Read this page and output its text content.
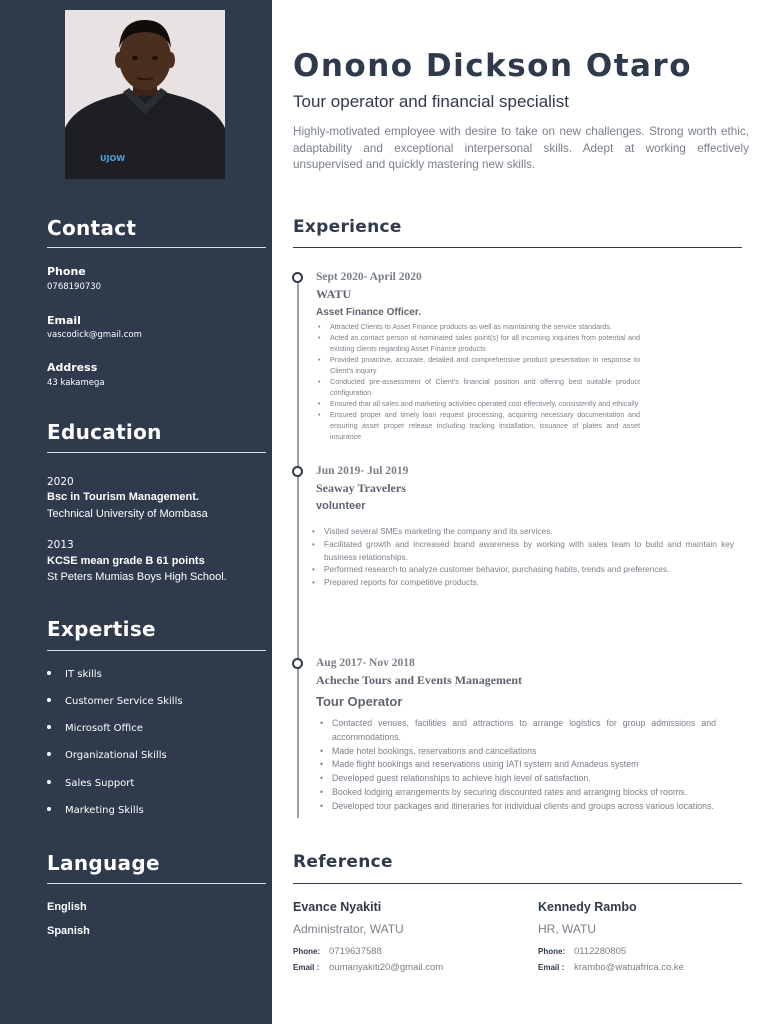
UJOW
Contact
Phone
0768190730
Email
vascodick@gmail.com
Address
43 kakamega
Education
2020
Bsc in Tourism Management.
Technical University of Mombasa
2013
KCSE mean grade B 61 points
St Peters Mumias Boys High School.
Expertise
IT skills
Customer Service Skills
Microsoft Office
Organizational Skills
Sales Support
Marketing Skills
Language
English
Spanish
Onono Dickson Otaro
Tour operator and financial specialist
Highly-motivated employee with desire to take on new challenges. Strong worth ethic, adaptability and exceptional interpersonal skills. Adept at working effectively unsupervised and quickly mastering new skills.
Experience
Sept 2020- April 2020
WATU
Asset Finance Officer.
• Attracted Clients to Asset Finance products as well as maintaining the service standards.
• Acted as contact person at nominated sales point(s) for all incoming inquiries from potential and existing clients regarding Asset Finance products
• Provided proactive, accurate, detailed and comprehensive product presentation in response to Client's inquiry
• Conducted pre-assessment of Client's financial position and offering best suitable product configuration
• Ensured that all sales and marketing activities operated cost effectively, consistently and ethically
• Ensured proper and timely loan request processing, acquiring necessary documentation and ensuring asset proper release including tracking installation, issuance of plates and asset insurance
Jun 2019- Jul 2019
Seaway Travelers
volunteer
• Visited several SMEs marketing the company and its services.
• Facilitated growth and increased brand awareness by working with sales team to build and maintain key business relationships.
• Performed research to analyze customer behavior, purchasing habits, trends and preferences.
• Prepared reports for competitive products.
Aug 2017- Nov 2018
Acheche Tours and Events Management
Tour Operator
• Contacted venues, facilities and attractions to arrange logistics for group admissions and accommodations.
• Made hotel bookings, reservations and cancellations
• Made flight bookings and reservations using IATI system and Amadeus system
• Developed guest relationships to achieve high level of satisfaction.
• Booked lodging arrangements by securing discounted rates and arranging blocks of rooms.
• Developed tour packages and itineraries for individual clients and groups across various locations.
Reference
Evance Nyakiti
Administrator, WATU
Phone: 0719637588
Email : oumanyakiti20@gmail.com
Kennedy Rambo
HR, WATU
Phone: 0112280805
Email : krambo@watuafrica.co.ke
